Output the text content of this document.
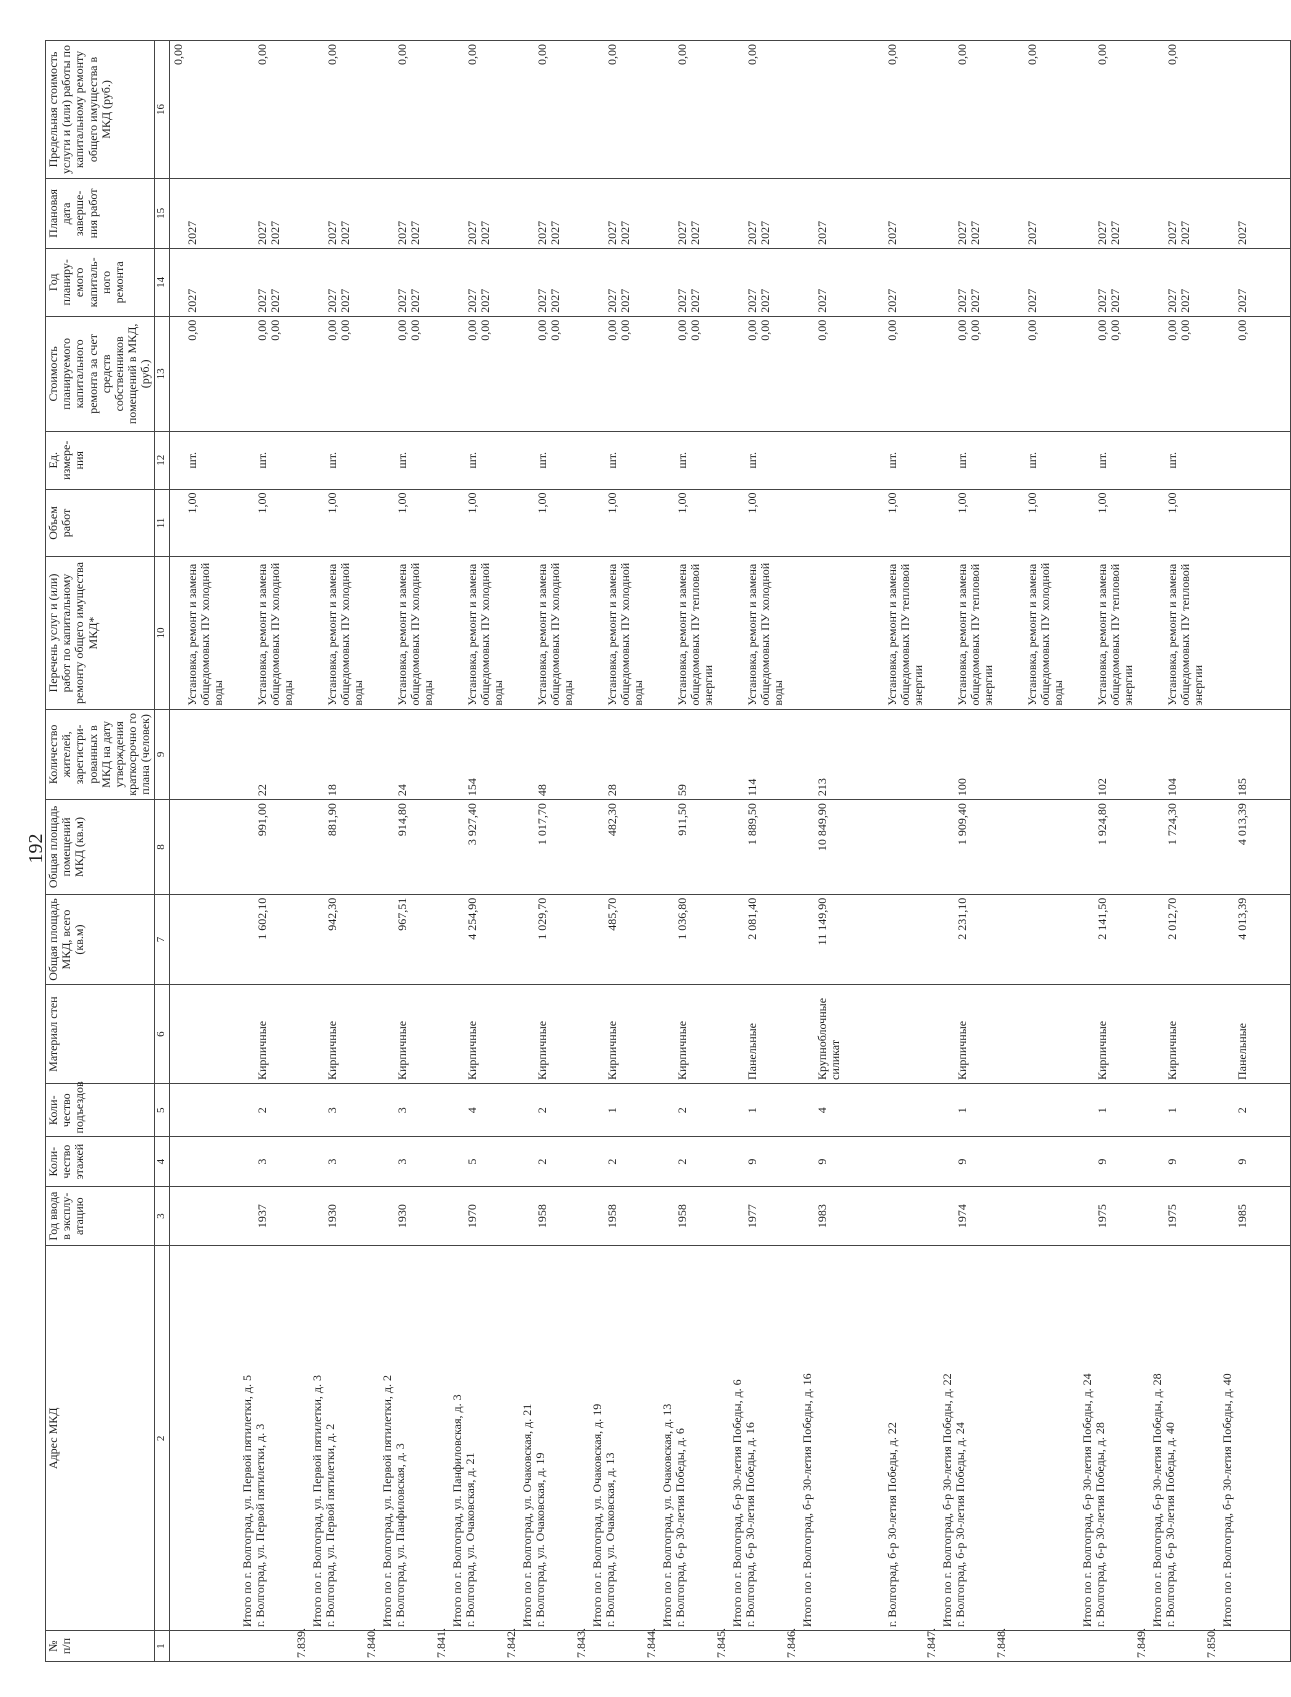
192
№ п/п	Адрес МКД	Год ввода в эксплу-атацию	Коли-чество этажей	Коли-чество подъездов	Материал стен	Общая площадь МКД, всего (кв.м)	Общая площадь помещений МКД (кв.м)	Количество жителей, зарегистри-рованных в МКД на дату утверждения краткосрочно го плана (человек)	Перечень услуг и (или) работ по капитальному ремонту общего имущества МКД*	Объем работ	Ед. измере-ния	Стоимость планируемого капитального ремонта за счет средств собственников помещений в МКД, (руб.)	Год планиру-емого капиталь-ного ремонта	Плановая дата заверше-ния работ	Предельная стоимость услуги и (или) работы по капитальному ремонту общего имущества в МКД (руб.)
1	2	3	4	5	6	7	8	9	10	11	12	13	14	15	16
									Установка, ремонт и замена общедомовых ПУ холодной воды	1,00	шт.	0,00	2027	2027	0,00

7.839.	Итого по г. Волгоград, ул. Первой пятилетки, д. 5 г. Волгоград, ул. Первой пятилетки, д. 3	1937	3	2	Кирпичные	1 602,10	991,00	22	Установка, ремонт и замена общедомовых ПУ холодной воды	1,00	шт.	0,00 0,00	2027 2027	2027 2027	0,00

7.840.	Итого по г. Волгоград, ул. Первой пятилетки, д. 3 г. Волгоград, ул. Первой пятилетки, д. 2	1930	3	3	Кирпичные	942,30	881,90	18	Установка, ремонт и замена общедомовых ПУ холодной воды	1,00	шт.	0,00 0,00	2027 2027	2027 2027	0,00

7.841.	Итого по г. Волгоград, ул. Первой пятилетки, д. 2 г. Волгоград, ул. Панфиловская, д. 3	1930	3	3	Кирпичные	967,51	914,80	24	Установка, ремонт и замена общедомовых ПУ холодной воды	1,00	шт.	0,00 0,00	2027 2027	2027 2027	0,00

7.842.	Итого по г. Волгоград, ул. Панфиловская, д. 3 г. Волгоград, ул. Очаковская, д. 21	1970	5	4	Кирпичные	4 254,90	3 927,40	154	Установка, ремонт и замена общедомовых ПУ холодной воды	1,00	шт.	0,00 0,00	2027 2027	2027 2027	0,00

7.843.	Итого по г. Волгоград, ул. Очаковская, д. 21 г. Волгоград, ул. Очаковская, д. 19	1958	2	2	Кирпичные	1 029,70	1 017,70	48	Установка, ремонт и замена общедомовых ПУ холодной воды	1,00	шт.	0,00 0,00	2027 2027	2027 2027	0,00

7.844.	Итого по г. Волгоград, ул. Очаковская, д. 19 г. Волгоград, ул. Очаковская, д. 13	1958	2	1	Кирпичные	485,70	482,30	28	Установка, ремонт и замена общедомовых ПУ холодной воды	1,00	шт.	0,00 0,00	2027 2027	2027 2027	0,00

7.845.	Итого по г. Волгоград, ул. Очаковская, д. 13 г. Волгоград, б-р 30-летия Победы, д. 6	1958	2	2	Кирпичные	1 036,80	911,50	59	Установка, ремонт и замена общедомовых ПУ тепловой энергии	1,00	шт.	0,00 0,00	2027 2027	2027 2027	0,00

7.846.	Итого по г. Волгоград, б-р 30-летия Победы, д. 6 г. Волгоград, б-р 30-летия Победы, д. 16	1977	9	1	Панельные	2 081,40	1 889,50	114	Установка, ремонт и замена общедомовых ПУ холодной воды	1,00	шт.	0,00 0,00	2027 2027	2027 2027	0,00

	Итого по г. Волгоград, б-р 30-летия Победы, д. 16	1983	9	4	Крупноблочные силикат	11 149,90	10 849,90	213				0,00	2027	2027	

7.847.	г. Волгоград, б-р 30-летия Победы, д. 22								Установка, ремонт и замена общедомовых ПУ тепловой энергии	1,00	шт.	0,00	2027	2027	0,00

7.848.	Итого по г. Волгоград, б-р 30-летия Победы, д. 22 г. Волгоград, б-р 30-летия Победы, д. 24	1974	9	1	Кирпичные	2 231,10	1 909,40	100	Установка, ремонт и замена общедомовых ПУ тепловой энергии	1,00	шт.	0,00 0,00	2027 2027	2027 2027	0,00

									Установка, ремонт и замена общедомовых ПУ холодной воды	1,00	шт.	0,00	2027	2027	0,00

7.849.	Итого по г. Волгоград, б-р 30-летия Победы, д. 24 г. Волгоград, б-р 30-летия Победы, д. 28	1975	9	1	Кирпичные	2 141,50	1 924,80	102	Установка, ремонт и замена общедомовых ПУ тепловой энергии	1,00	шт.	0,00 0,00	2027 2027	2027 2027	0,00

7.850.	Итого по г. Волгоград, б-р 30-летия Победы, д. 28 г. Волгоград, б-р 30-летия Победы, д. 40	1975	9	1	Кирпичные	2 012,70	1 724,30	104	Установка, ремонт и замена общедомовых ПУ тепловой энергии	1,00	шт.	0,00 0,00	2027 2027	2027 2027	0,00

	Итого по г. Волгоград, б-р 30-летия Победы, д. 40	1985	9	2	Панельные	4 013,39	4 013,39	185				0,00	2027	2027	
